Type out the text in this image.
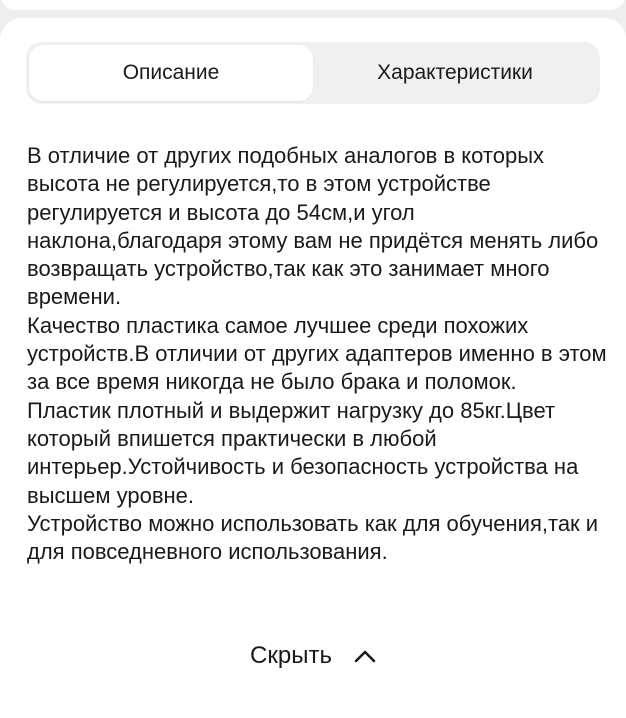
Описание	Характеристики

В отличие от других подобных аналогов в которых высота не регулируется,то в этом устройстве регулируется и высота до 54см,и угол наклона,благодаря этому вам не придётся менять либо возвращать устройство,так как это занимает много времени.

Качество пластика самое лучшее среди похожих устройств.В отличии от других адаптеров именно в этом за все время никогда не было брака и поломок.

Пластик плотный и выдержит нагрузку до 85кг.Цвет который впишется практически в любой интерьер.Устойчивость и безопасность устройства на высшем уровне.

Устройство можно использовать как для обучения,так и для повседневного использования.

Скрыть
